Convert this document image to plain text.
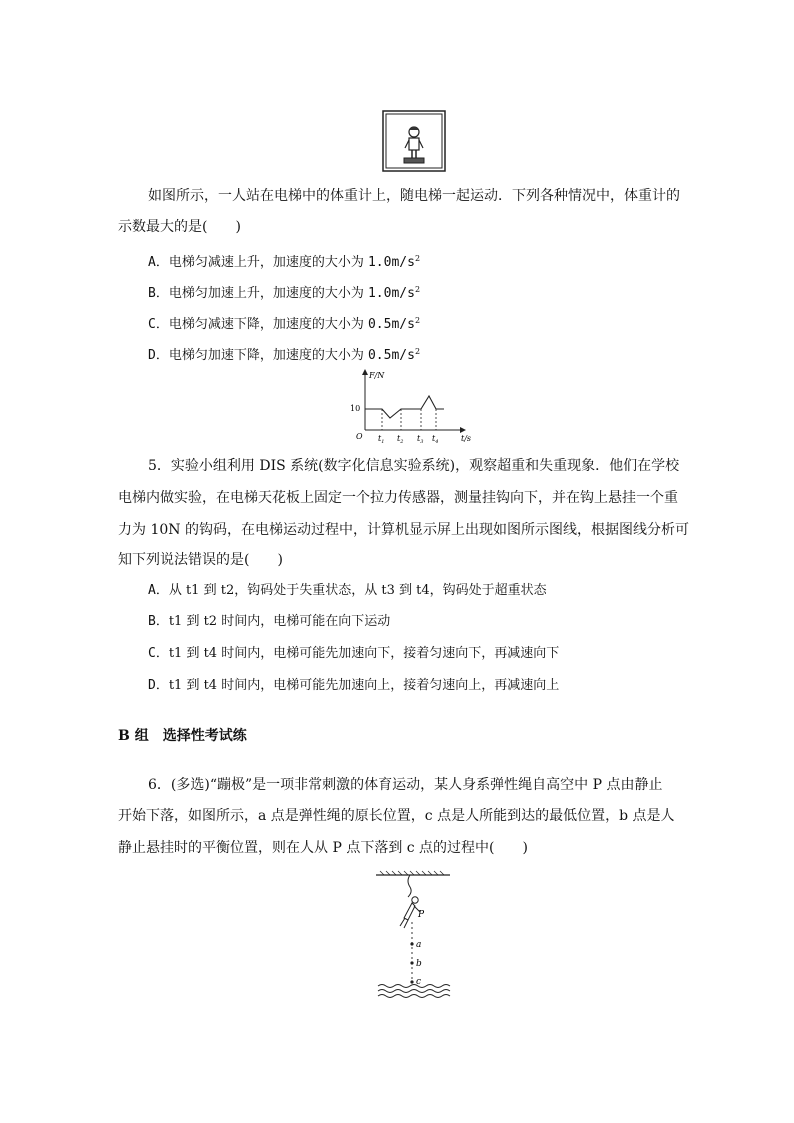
如图所示，一人站在电梯中的体重计上，随电梯一起运动．下列各种情况中，体重计的
示数最大的是(　　)
A．电梯匀减速上升，加速度的大小为 $1.0m/s^2$
B．电梯匀加速上升，加速度的大小为 $1.0m/s^2$
C．电梯匀减速下降，加速度的大小为 $0.5m/s^2$
D．电梯匀加速下降，加速度的大小为 $0.5m/s^2$
F/N
t/s
O
10
$t_1$ $t_2$ $t_3$ $t_4$
5．实验小组利用 DIS 系统(数字化信息实验系统)，观察超重和失重现象．他们在学校
电梯内做实验，在电梯天花板上固定一个拉力传感器，测量挂钩向下，并在钩上悬挂一个重
力为 10N 的钩码，在电梯运动过程中，计算机显示屏上出现如图所示图线，根据图线分析可
知下列说法错误的是(　　)
A．从 t1 到 t2，钩码处于失重状态，从 t3 到 t4，钩码处于超重状态
B．t1 到 t2 时间内，电梯可能在向下运动
C．t1 到 t4 时间内，电梯可能先加速向下，接着匀速向下，再减速向下
D．t1 到 t4 时间内，电梯可能先加速向上，接着匀速向上，再减速向上
B 组　选择性考试练
6．(多选)“蹦极”是一项非常刺激的体育运动，某人身系弹性绳自高空中 P 点由静止
开始下落，如图所示，a 点是弹性绳的原长位置，c 点是人所能到达的最低位置，b 点是人
静止悬挂时的平衡位置，则在人从 P 点下落到 c 点的过程中(　　)
P
a
b
c
